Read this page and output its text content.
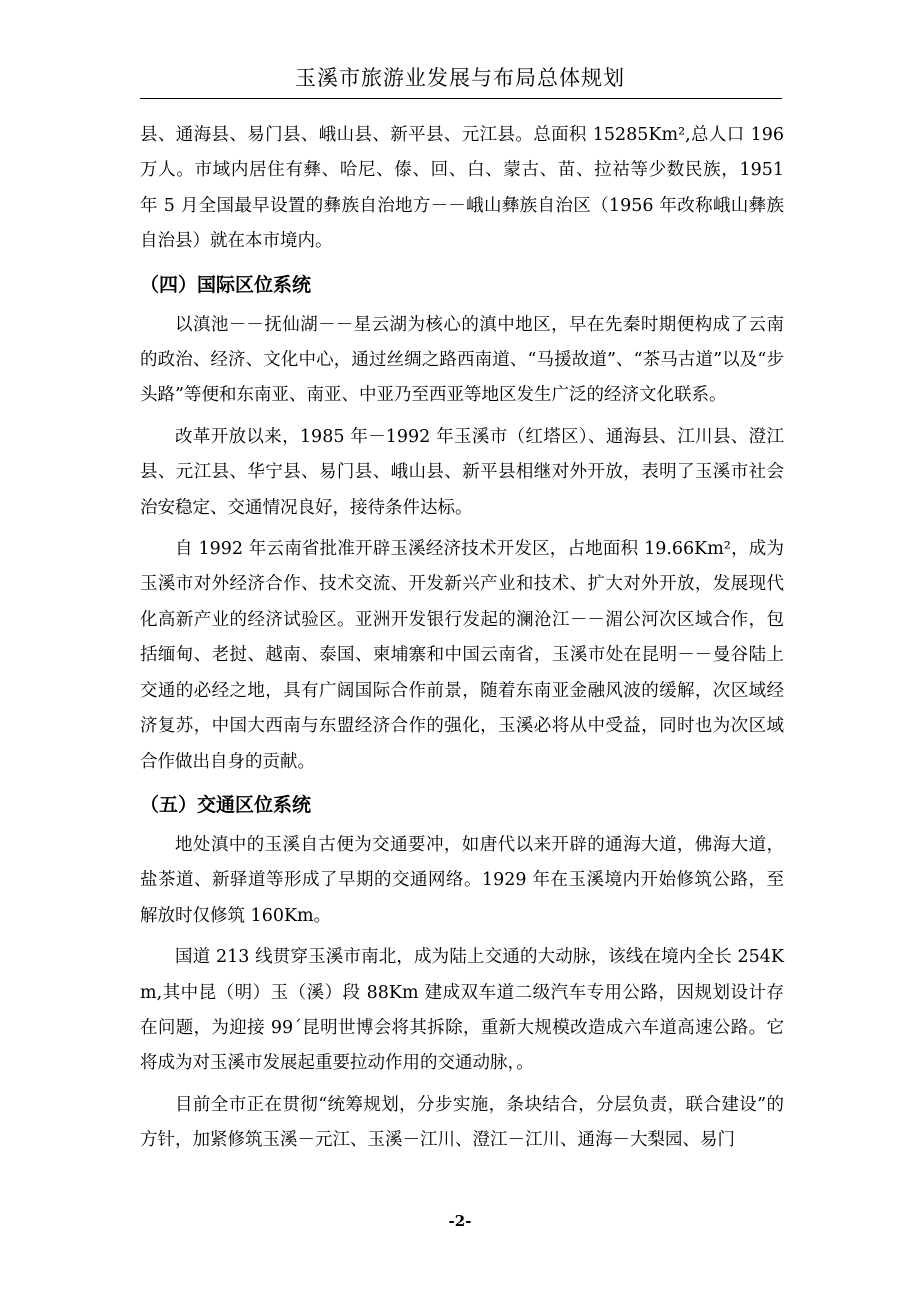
玉溪市旅游业发展与布局总体规划

县、通海县、易门县、峨山县、新平县、元江县。总面积 15285Km²,总人口 196 万人。市域内居住有彝、哈尼、傣、回、白、蒙古、苗、拉祜等少数民族，1951 年 5 月全国最早设置的彝族自治地方－－峨山彝族自治区（1956 年改称峨山彝族自治县）就在本市境内。

（四）国际区位系统

以滇池－－抚仙湖－－星云湖为核心的滇中地区，早在先秦时期便构成了云南的政治、经济、文化中心，通过丝绸之路西南道、“马援故道”、“茶马古道”以及“步头路”等便和东南亚、南亚、中亚乃至西亚等地区发生广泛的经济文化联系。

改革开放以来，1985 年－1992 年玉溪市（红塔区）、通海县、江川县、澄江县、元江县、华宁县、易门县、峨山县、新平县相继对外开放，表明了玉溪市社会治安稳定、交通情况良好，接待条件达标。

自 1992 年云南省批准开辟玉溪经济技术开发区，占地面积 19.66Km²，成为玉溪市对外经济合作、技术交流、开发新兴产业和技术、扩大对外开放，发展现代化高新产业的经济试验区。亚洲开发银行发起的澜沧江－－湄公河次区域合作，包括缅甸、老挝、越南、泰国、柬埔寨和中国云南省，玉溪市处在昆明－－曼谷陆上交通的必经之地，具有广阔国际合作前景，随着东南亚金融风波的缓解，次区域经济复苏，中国大西南与东盟经济合作的强化，玉溪必将从中受益，同时也为次区域合作做出自身的贡献。

（五）交通区位系统

地处滇中的玉溪自古便为交通要冲，如唐代以来开辟的通海大道，佛海大道，盐茶道、新驿道等形成了早期的交通网络。1929 年在玉溪境内开始修筑公路，至解放时仅修筑 160Km。

国道 213 线贯穿玉溪市南北，成为陆上交通的大动脉，该线在境内全长 254Km,其中昆（明）玉（溪）段 88Km 建成双车道二级汽车专用公路，因规划设计存在问题，为迎接 99´昆明世博会将其拆除，重新大规模改造成六车道高速公路。它将成为对玉溪市发展起重要拉动作用的交通动脉，。

目前全市正在贯彻“统筹规划，分步实施，条块结合，分层负责，联合建设”的方针，加紧修筑玉溪－元江、玉溪－江川、澄江－江川、通海－大梨园、易门

-2-
